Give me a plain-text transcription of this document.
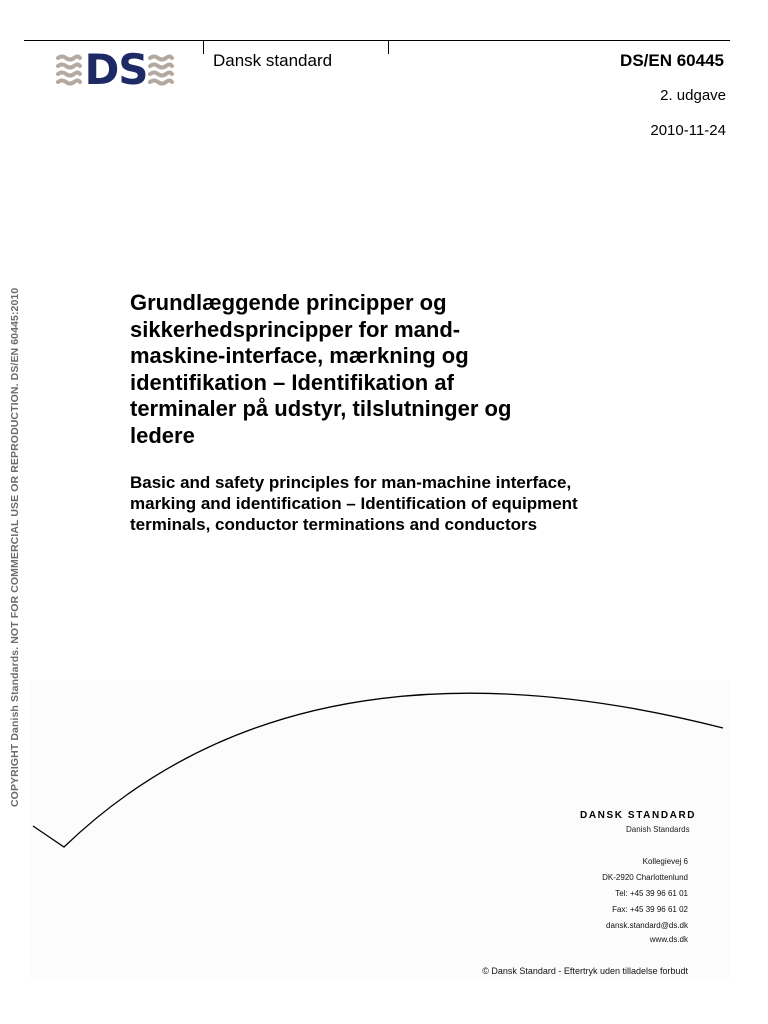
DS	Dansk standard	DS/EN 60445
2. udgave
2010-11-24
COPYRIGHT Danish Standards. NOT FOR COMMERCIAL USE OR REPRODUCTION. DS/EN 60445:2010	Grundlæggende principper og
sikkerhedsprincipper for mand-
maskine-interface, mærkning og
identifikation – Identifikation af
terminaler på udstyr, tilslutninger og
ledere
Basic and safety principles for man-machine interface,
marking and identification – Identification of equipment
terminals, conductor terminations and conductors
DANSK STANDARD
Danish Standards
Kollegievej 6
DK-2920 Charlottenlund
Tel: +45 39 96 61 01
Fax: +45 39 96 61 02
dansk.standard@ds.dk
www.ds.dk
© Dansk Standard - Eftertryk uden tilladelse forbudt
